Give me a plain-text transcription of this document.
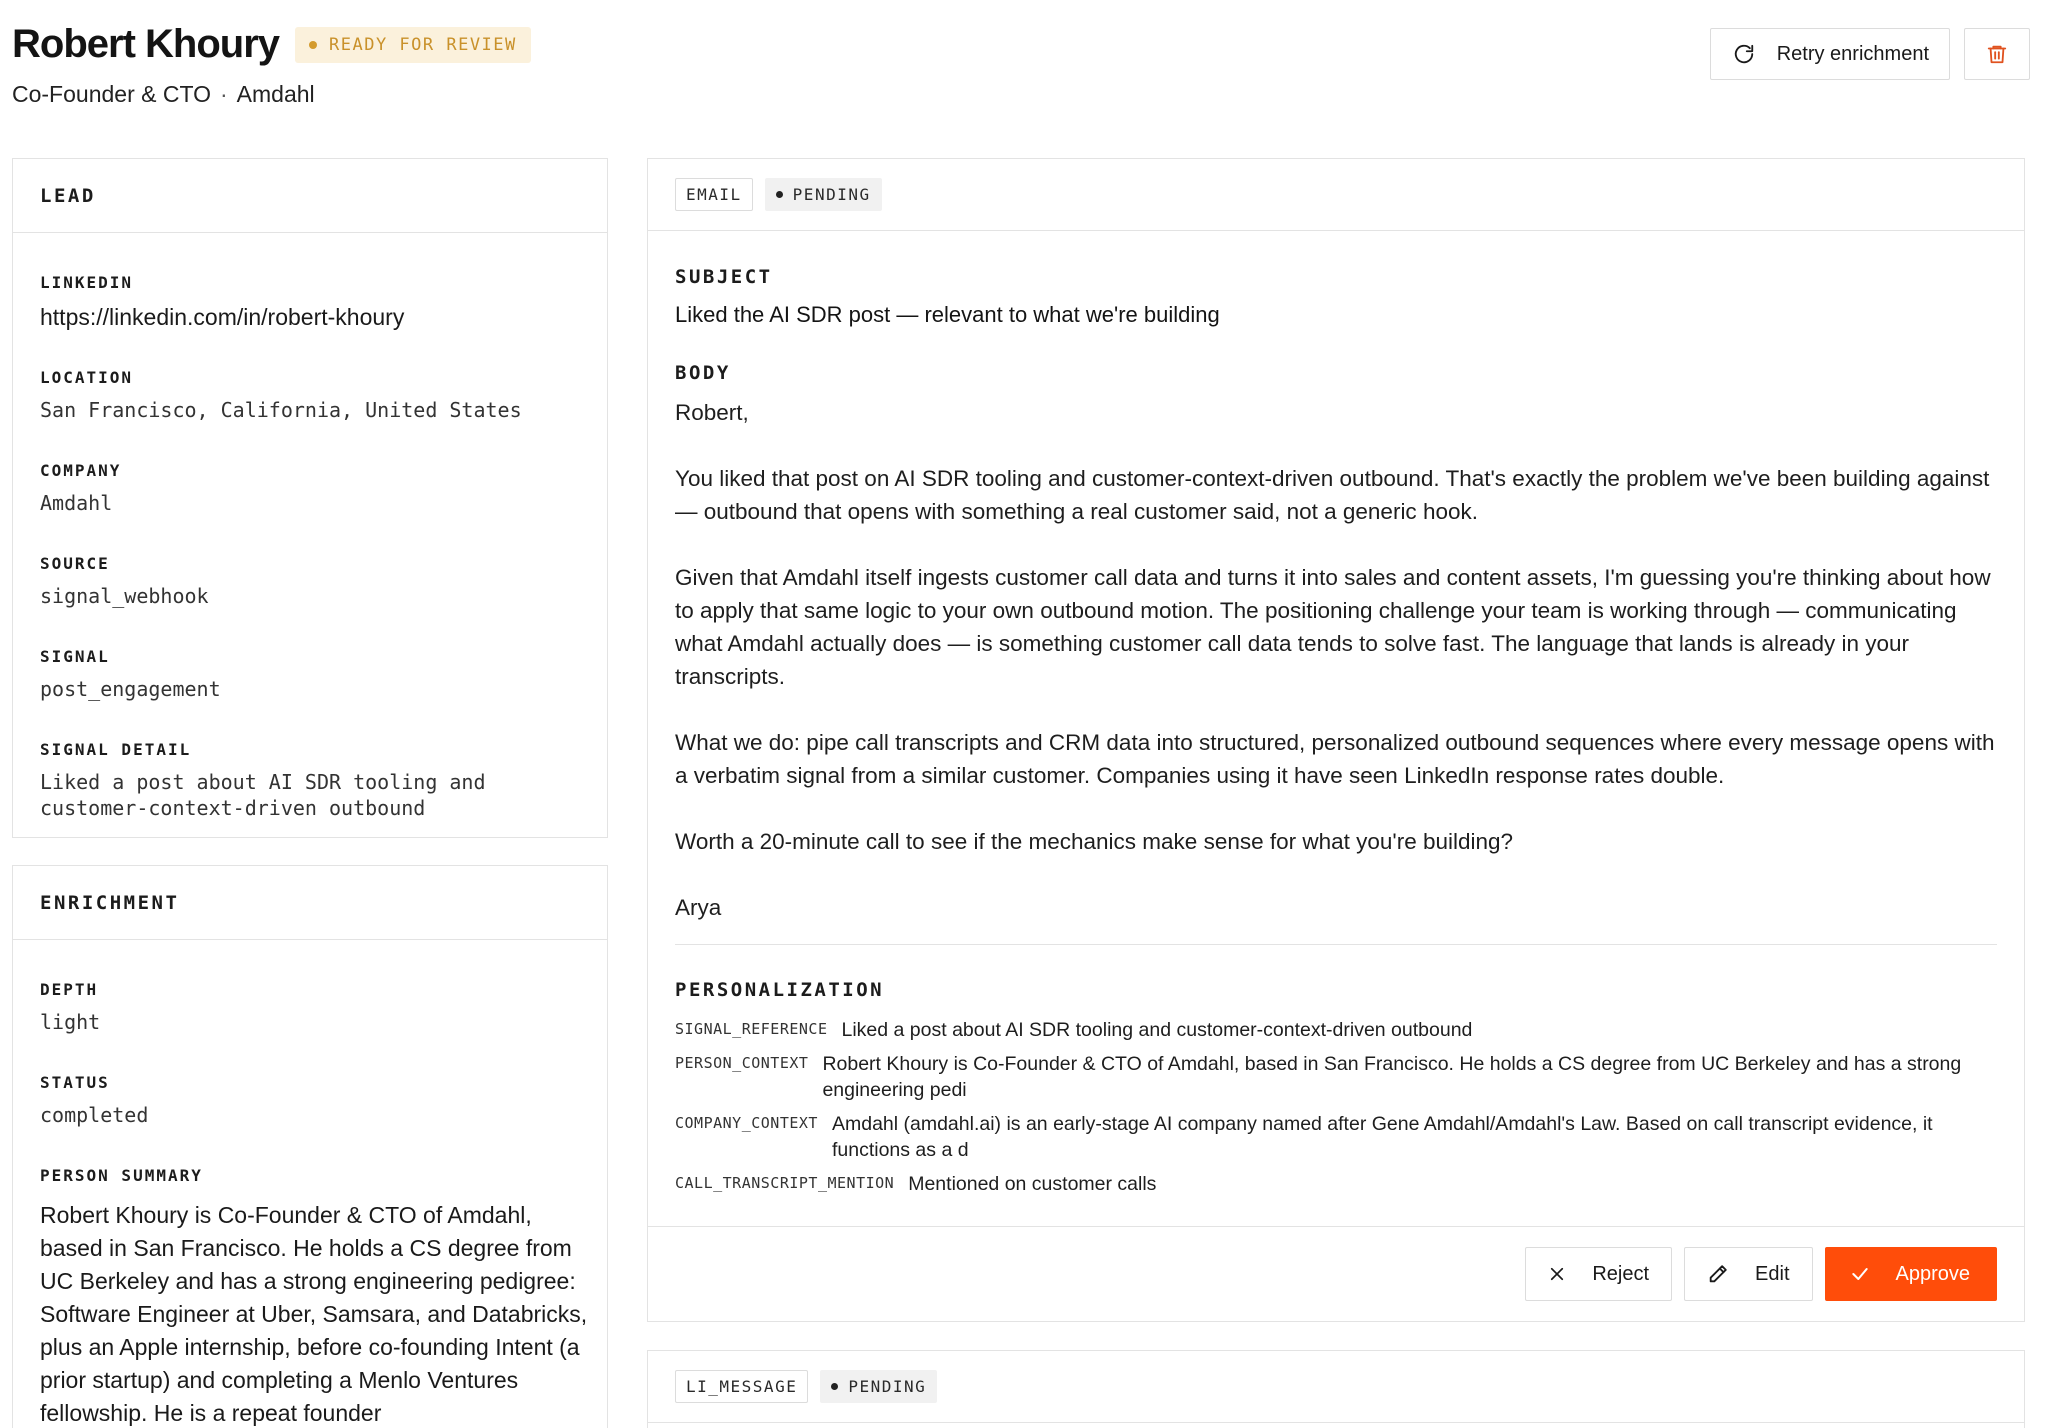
Robert Khoury	READY FOR REVIEW
Co-Founder & CTO · Amdahl
Retry enrichment
LEAD
LINKEDIN
https://linkedin.com/in/robert-khoury
LOCATION
San Francisco, California, United States
COMPANY
Amdahl
SOURCE
signal_webhook
SIGNAL
post_engagement
SIGNAL DETAIL
Liked a post about AI SDR tooling and customer-context-driven outbound
ENRICHMENT
DEPTH
light
STATUS
completed
PERSON SUMMARY
Robert Khoury is Co-Founder & CTO of Amdahl, based in San Francisco. He holds a CS degree from UC Berkeley and has a strong engineering pedigree: Software Engineer at Uber, Samsara, and Databricks, plus an Apple internship, before co-founding Intent (a prior startup) and completing a Menlo Ventures fellowship. He is a repeat founder
EMAIL	PENDING
SUBJECT
Liked the AI SDR post — relevant to what we're building
BODY

Robert,

You liked that post on AI SDR tooling and customer-context-driven outbound. That's exactly the problem we've been building against — outbound that opens with something a real customer said, not a generic hook.

Given that Amdahl itself ingests customer call data and turns it into sales and content assets, I'm guessing you're thinking about how to apply that same logic to your own outbound motion. The positioning challenge your team is working through — communicating what Amdahl actually does — is something customer call data tends to solve fast. The language that lands is already in your transcripts.

What we do: pipe call transcripts and CRM data into structured, personalized outbound sequences where every message opens with a verbatim signal from a similar customer. Companies using it have seen LinkedIn response rates double.

Worth a 20-minute call to see if the mechanics make sense for what you're building?

Arya

PERSONALIZATION
SIGNAL_REFERENCE Liked a post about AI SDR tooling and customer-context-driven outbound
PERSON_CONTEXT Robert Khoury is Co-Founder & CTO of Amdahl, based in San Francisco. He holds a CS degree from UC Berkeley and has a strong engineering pedi
COMPANY_CONTEXT Amdahl (amdahl.ai) is an early-stage AI company named after Gene Amdahl/Amdahl's Law. Based on call transcript evidence, it functions as a d
CALL_TRANSCRIPT_MENTION Mentioned on customer calls
Reject	Edit	Approve
LI_MESSAGE	PENDING
